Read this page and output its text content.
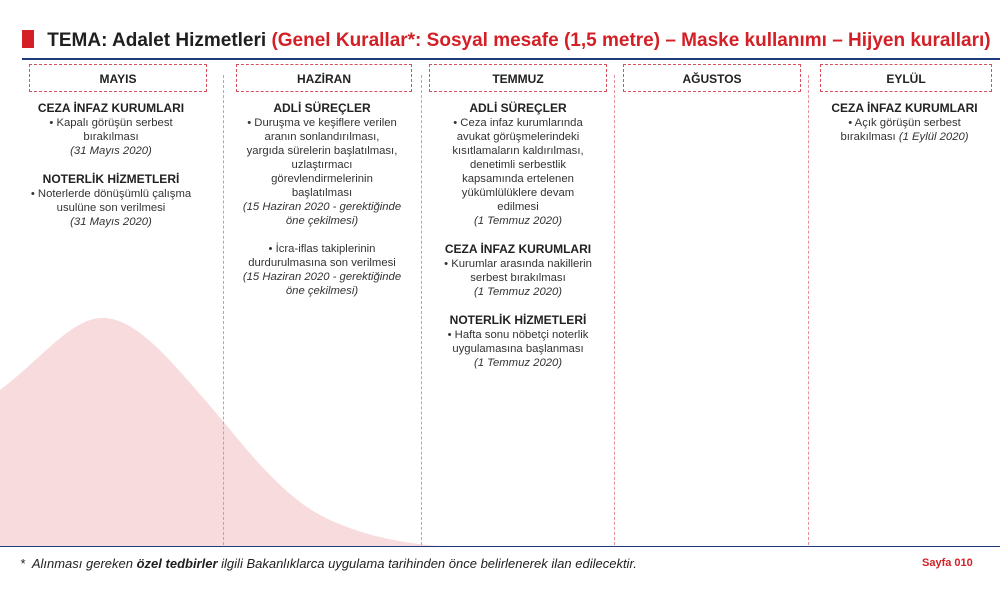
TEMA: Adalet Hizmetleri (Genel Kurallar*: Sosyal mesafe (1,5 metre) – Maske kullanımı – Hijyen kuralları)
MAYIS
CEZA İNFAZ KURUMLARI
• Kapalı görüşün serbest
bırakılması
(31 Mayıs 2020)
NOTERLİK HİZMETLERİ
• Noterlerde dönüşümlü çalışma
usulüne son verilmesi
(31 Mayıs 2020)
HAZİRAN
ADLİ SÜREÇLER
• Duruşma ve keşiflere verilen
aranın sonlandırılması,
yargıda sürelerin başlatılması,
uzlaştırmacı
görevlendirmelerinin
başlatılması
(15 Haziran 2020 - gerektiğinde
öne çekilmesi)
• İcra-iflas takiplerinin
durdurulmasına son verilmesi
(15 Haziran 2020 - gerektiğinde
öne çekilmesi)
TEMMUZ
ADLİ SÜREÇLER
• Ceza infaz kurumlarında
avukat görüşmelerindeki
kısıtlamaların kaldırılması,
denetimli serbestlik
kapsamında ertelenen
yükümlülüklere devam
edilmesi
(1 Temmuz 2020)
CEZA İNFAZ KURUMLARI
• Kurumlar arasında nakillerin
serbest bırakılması
(1 Temmuz 2020)
NOTERLİK HİZMETLERİ
• Hafta sonu nöbetçi noterlik
uygulamasına başlanması
(1 Temmuz 2020)
AĞUSTOS	EYLÜL
CEZA İNFAZ KURUMLARI
• Açık görüşün serbest
bırakılması (1 Eylül 2020)
* Alınması gereken özel tedbirler ilgili Bakanlıklarca uygulama tarihinden önce belirlenerek ilan edilecektir.	Sayfa 010
